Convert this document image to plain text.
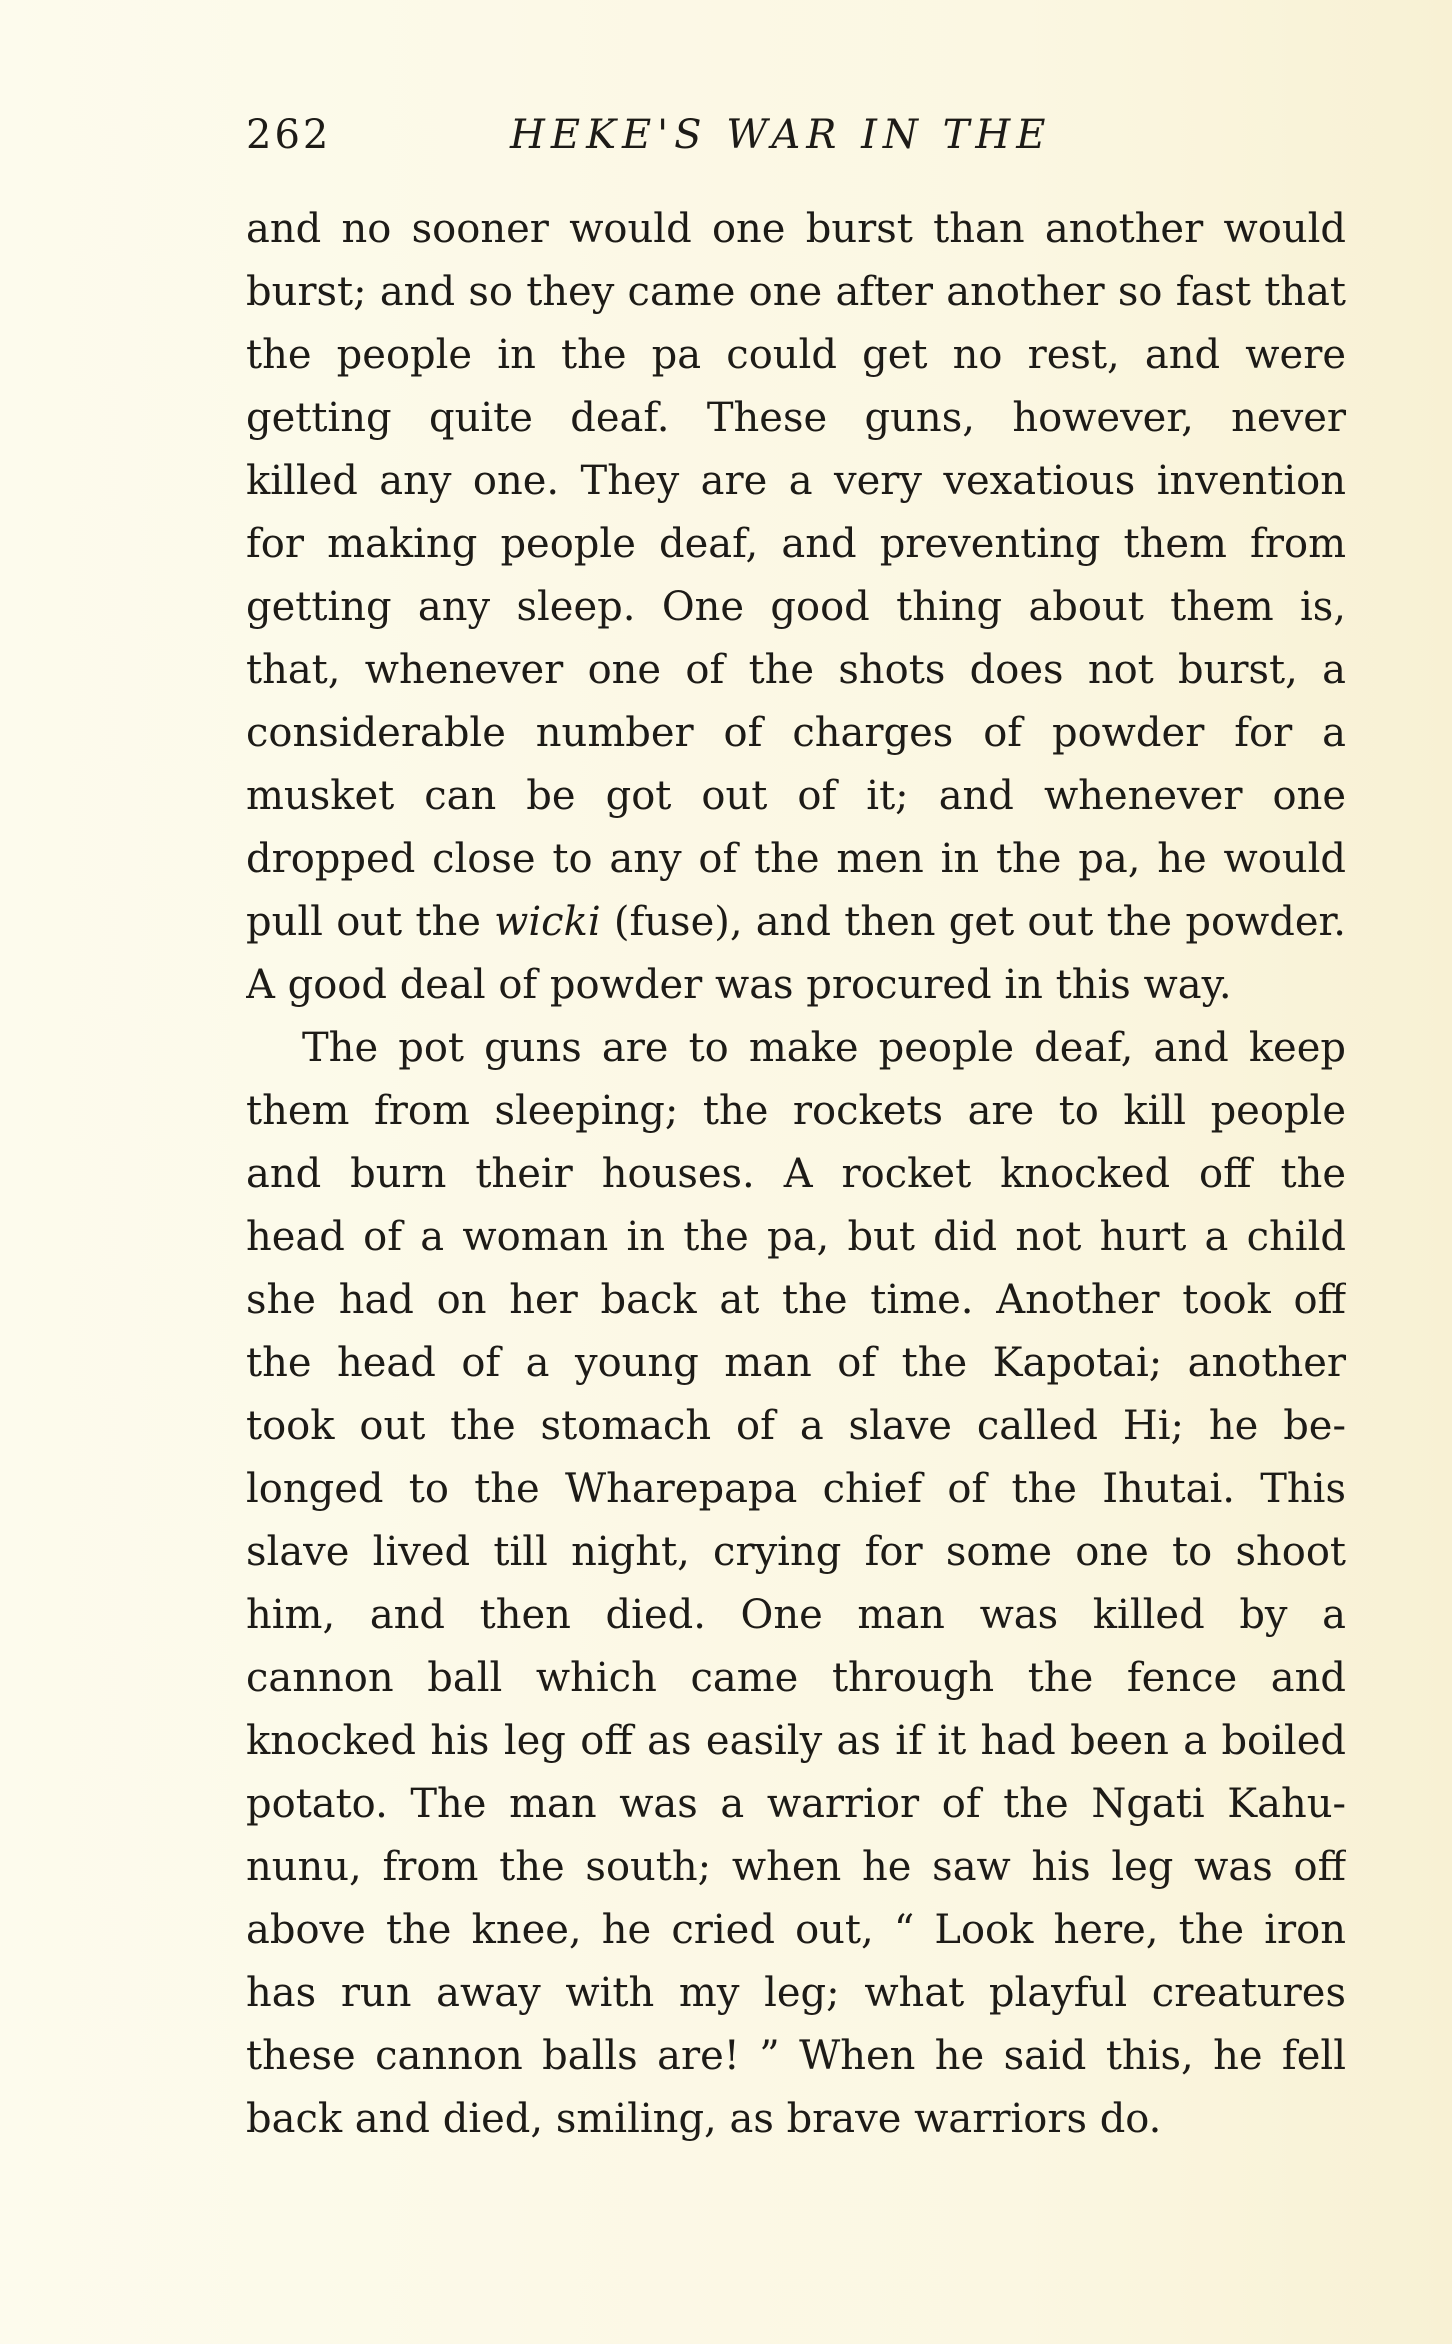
262	HEKE'S WAR IN THE
and no sooner would one burst than another would
burst; and so they came one after another so fast that
the people in the pa could get no rest, and were
getting quite deaf. These guns, however, never
killed any one. They are a very vexatious invention
for making people deaf, and preventing them from
getting any sleep. One good thing about them is,
that, whenever one of the shots does not burst, a
considerable number of charges of powder for a
musket can be got out of it; and whenever one
dropped close to any of the men in the pa, he would
pull out the wicki (fuse), and then get out the powder.
A good deal of powder was procured in this way.
The pot guns are to make people deaf, and keep
them from sleeping; the rockets are to kill people
and burn their houses. A rocket knocked off the
head of a woman in the pa, but did not hurt a child
she had on her back at the time. Another took off
the head of a young man of the Kapotai; another
took out the stomach of a slave called Hi; he be-
longed to the Wharepapa chief of the Ihutai. This
slave lived till night, crying for some one to shoot
him, and then died. One man was killed by a
cannon ball which came through the fence and
knocked his leg off as easily as if it had been a boiled
potato. The man was a warrior of the Ngati Kahu-
nunu, from the south; when he saw his leg was off
above the knee, he cried out, “ Look here, the iron
has run away with my leg; what playful creatures
these cannon balls are! ” When he said this, he fell
back and died, smiling, as brave warriors do.
